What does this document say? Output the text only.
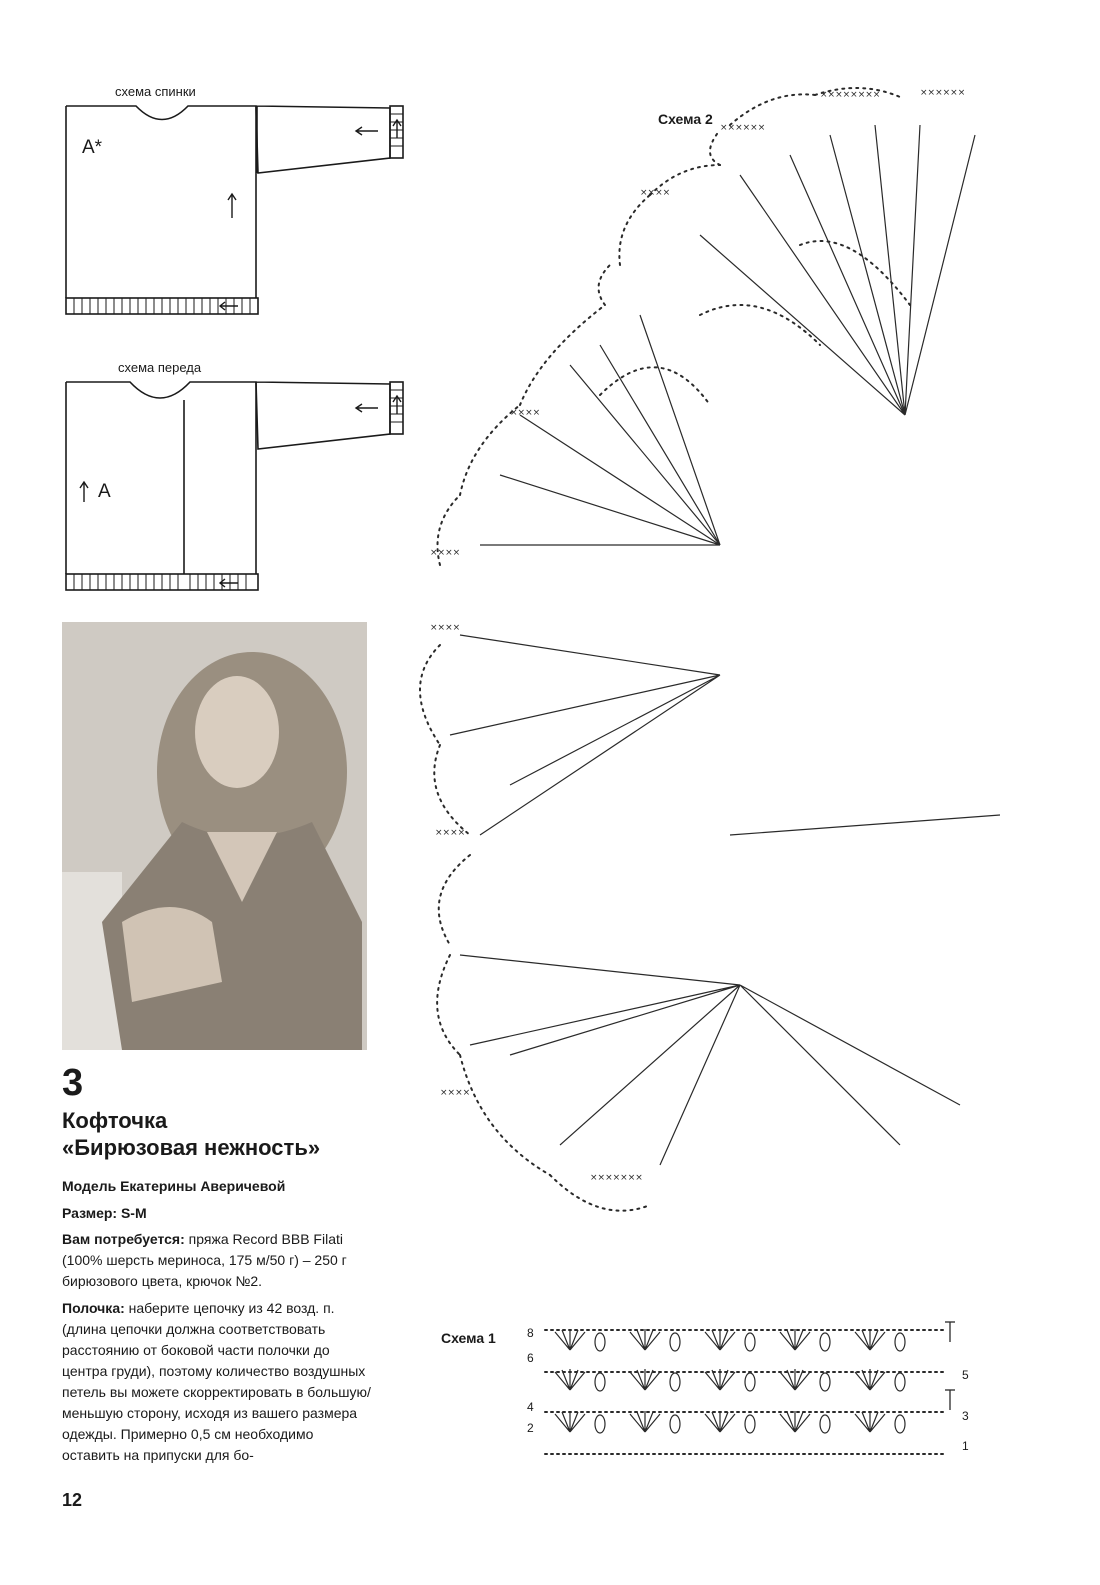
схема спинки
A*
схема переда
A
3
Кофточка
«Бирюзовая нежность»
Модель Екатерины Аверичевой
Размер: S-M
Вам потребуется: пряжа Record BBB Filati (100% шерсть мериноса, 175 м/50 г) – 250 г бирюзового цвета, крючок №2.
Полочка: наберите цепочку из 42 возд. п. (длина цепочки должна соответствовать расстоянию от боковой части полочки до центра груди), поэтому количество воздушных петель вы можете скорректировать в большую/меньшую сторону, исходя из вашего размера одежды. Примерно 0,5 см необходимо оставить на припуски для бо-
12
Схема 2
××××××××	××××××
××××××
××××
××××
××××
××××
××××
××××
×××××××
Схема 1	8
6
4
2
5
3
1
